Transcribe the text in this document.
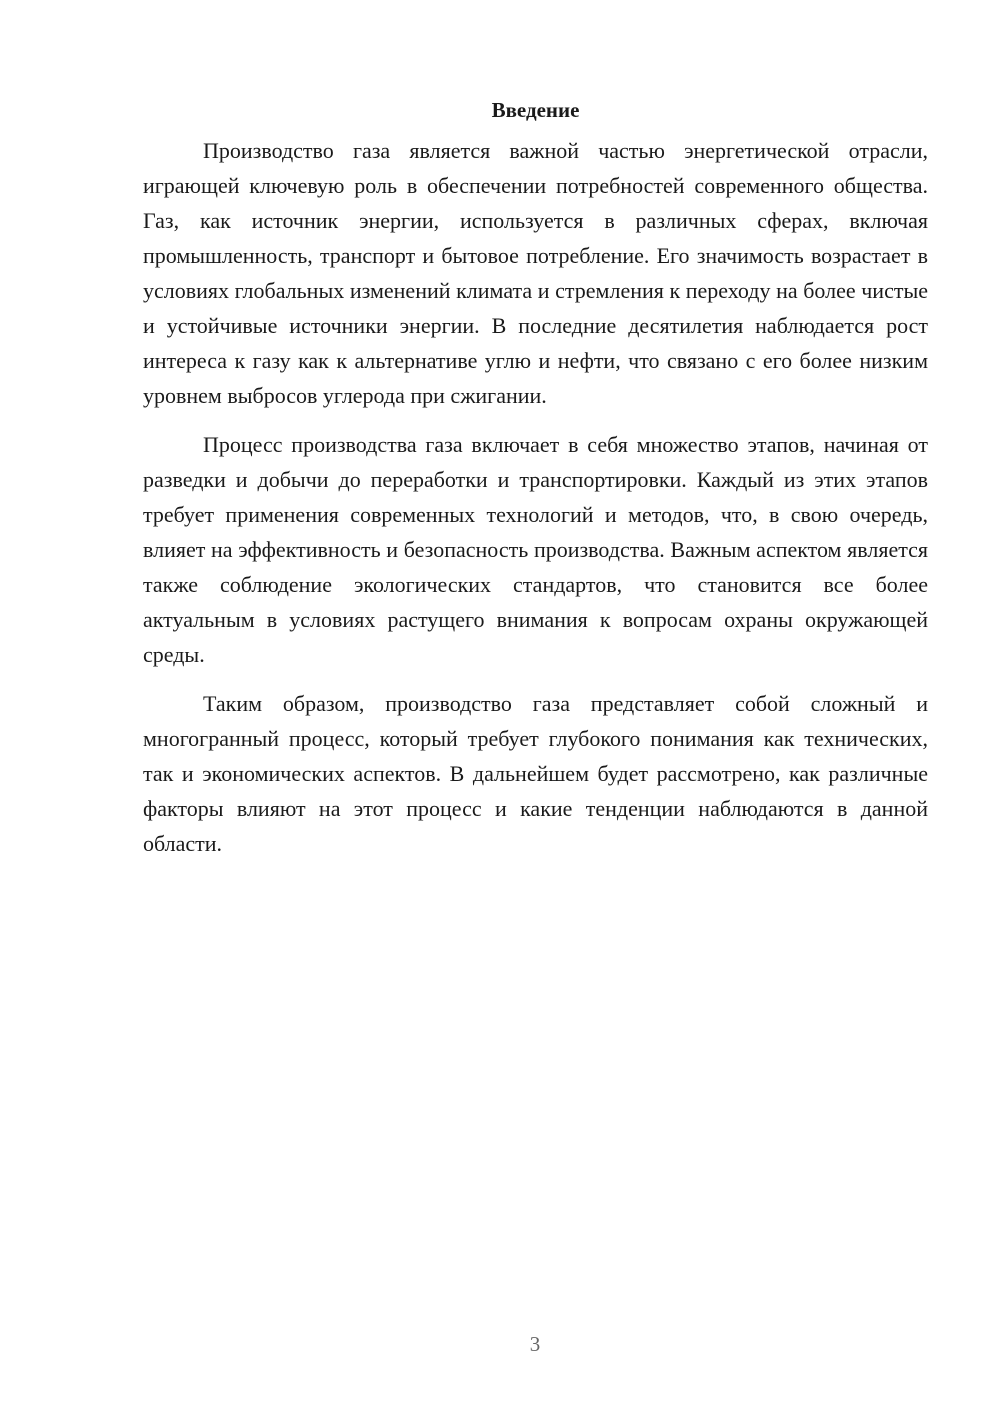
Введение

Производство газа является важной частью энергетической отрасли, играющей ключевую роль в обеспечении потребностей современного общества. Газ, как источник энергии, используется в различных сферах, включая промышленность, транспорт и бытовое потребление. Его значимость возрастает в условиях глобальных изменений климата и стремления к переходу на более чистые и устойчивые источники энергии. В последние десятилетия наблюдается рост интереса к газу как к альтернативе углю и нефти, что связано с его более низким уровнем выбросов углерода при сжигании.

Процесс производства газа включает в себя множество этапов, начиная от разведки и добычи до переработки и транспортировки. Каждый из этих этапов требует применения современных технологий и методов, что, в свою очередь, влияет на эффективность и безопасность производства. Важным аспектом является также соблюдение экологических стандартов, что становится все более актуальным в условиях растущего внимания к вопросам охраны окружающей среды.

Таким образом, производство газа представляет собой сложный и многогранный процесс, который требует глубокого понимания как технических, так и экономических аспектов. В дальнейшем будет рассмотрено, как различные факторы влияют на этот процесс и какие тенденции наблюдаются в данной области.

3
